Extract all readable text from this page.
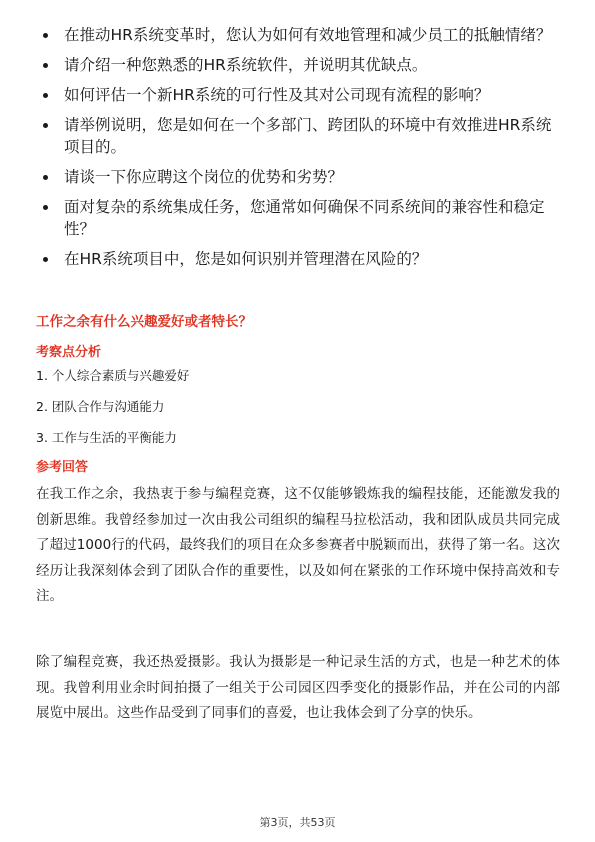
在推动HR系统变革时，您认为如何有效地管理和减少员工的抵触情绪？
请介绍一种您熟悉的HR系统软件，并说明其优缺点。
如何评估一个新HR系统的可行性及其对公司现有流程的影响？
请举例说明，您是如何在一个多部门、跨团队的环境中有效推进HR系统项目的。
请谈一下你应聘这个岗位的优势和劣势？
面对复杂的系统集成任务，您通常如何确保不同系统间的兼容性和稳定性？
在HR系统项目中，您是如何识别并管理潜在风险的？
工作之余有什么兴趣爱好或者特长？
考察点分析
1. 个人综合素质与兴趣爱好
2. 团队合作与沟通能力
3. 工作与生活的平衡能力
参考回答

在我工作之余，我热衷于参与编程竞赛，这不仅能够锻炼我的编程技能，还能激发我的创新思维。我曾经参加过一次由我公司组织的编程马拉松活动，我和团队成员共同完成了超过1000行的代码，最终我们的项目在众多参赛者中脱颖而出，获得了第一名。这次经历让我深刻体会到了团队合作的重要性，以及如何在紧张的工作环境中保持高效和专注。

除了编程竞赛，我还热爱摄影。我认为摄影是一种记录生活的方式，也是一种艺术的体现。我曾利用业余时间拍摄了一组关于公司园区四季变化的摄影作品，并在公司的内部展览中展出。这些作品受到了同事们的喜爱，也让我体会到了分享的快乐。

第3页，共53页
